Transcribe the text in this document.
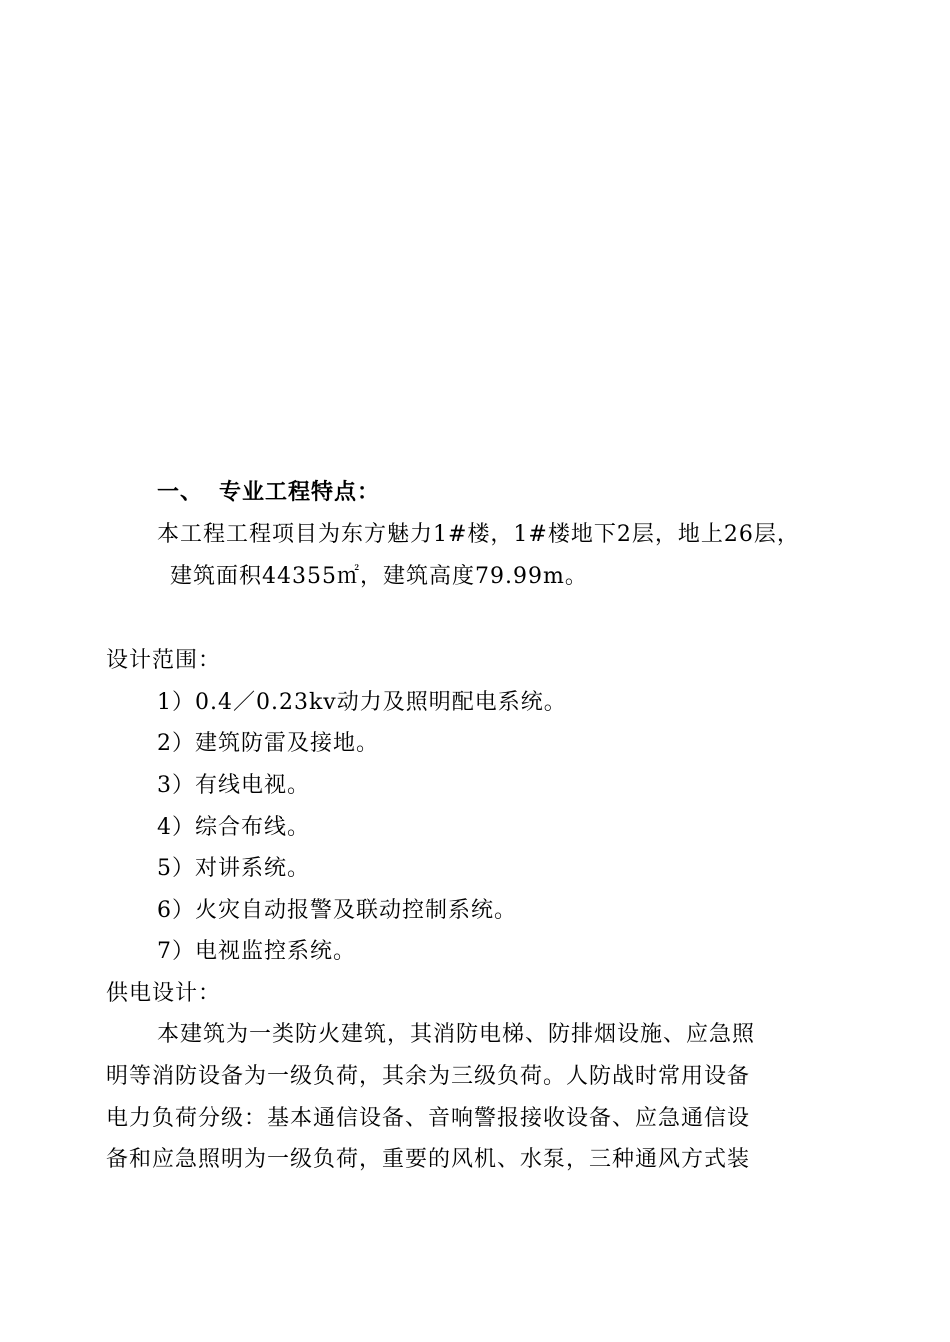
一、 专业工程特点：
本工程工程项目为东方魅力1#楼，1#楼地下2层，地上26层，
建筑面积44355㎡，建筑高度79.99m。
设计范围：
1）0.4／0.23kv动力及照明配电系统。
2）建筑防雷及接地。
3）有线电视。
4）综合布线。
5）对讲系统。
6）火灾自动报警及联动控制系统。
7）电视监控系统。
供电设计：
本建筑为一类防火建筑，其消防电梯、防排烟设施、应急照
明等消防设备为一级负荷，其余为三级负荷。人防战时常用设备
电力负荷分级：基本通信设备、音响警报接收设备、应急通信设
备和应急照明为一级负荷，重要的风机、水泵，三种通风方式装
